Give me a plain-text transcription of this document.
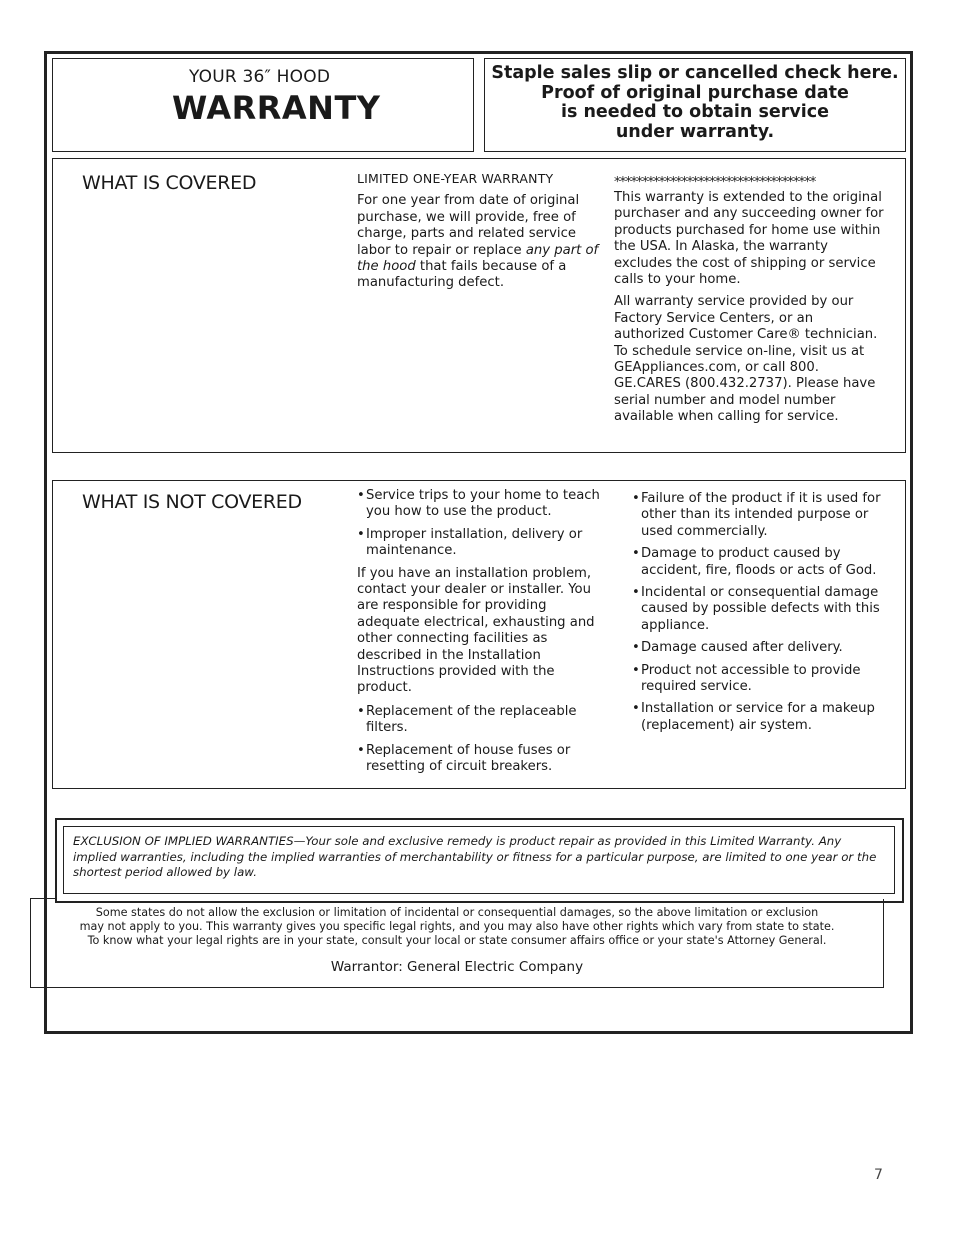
YOUR 36″ HOOD
WARRANTY
Staple sales slip or cancelled check here.
Proof of original purchase date
is needed to obtain service
under warranty.
WHAT IS COVERED	LIMITED ONE-YEAR WARRANTY

For one year from date of original purchase, we will provide, free of charge, parts and related service labor to repair or replace any part of the hood that fails because of a manufacturing defect.

************************************

This warranty is extended to the original purchaser and any succeeding owner for products purchased for home use within the USA. In Alaska, the warranty excludes the cost of shipping or service calls to your home.

All warranty service provided by our Factory Service Centers, or an authorized Customer Care® technician. To schedule service on-line, visit us at GEAppliances.com, or call 800. GE.CARES (800.432.2737). Please have serial number and model number available when calling for service.

WHAT IS NOT COVERED
•	Service trips to your home to teach you how to use the product.
• Improper installation, delivery or maintenance.

If you have an installation problem, contact your dealer or installer. You are responsible for providing adequate electrical, exhausting and other connecting facilities as described in the Installation Instructions provided with the product.

• Replacement of the replaceable filters.
• Replacement of house fuses or resetting of circuit breakers.
• Failure of the product if it is used for other than its intended purpose or used commercially.
• Damage to product caused by accident, fire, floods or acts of God.
• Incidental or consequential damage caused by possible defects with this appliance.
• Damage caused after delivery.
• Product not accessible to provide required service.
• Installation or service for a makeup (replacement) air system.
EXCLUSION OF IMPLIED WARRANTIES—Your sole and exclusive remedy is product repair as provided in this Limited Warranty. Any implied warranties, including the implied warranties of merchantability or fitness for a particular purpose, are limited to one year or the shortest period allowed by law.
Some states do not allow the exclusion or limitation of incidental or consequential damages, so the above limitation or exclusion
may not apply to you. This warranty gives you specific legal rights, and you may also have other rights which vary from state to state.
To know what your legal rights are in your state, consult your local or state consumer affairs office or your state's Attorney General.
Warrantor: General Electric Company
7
